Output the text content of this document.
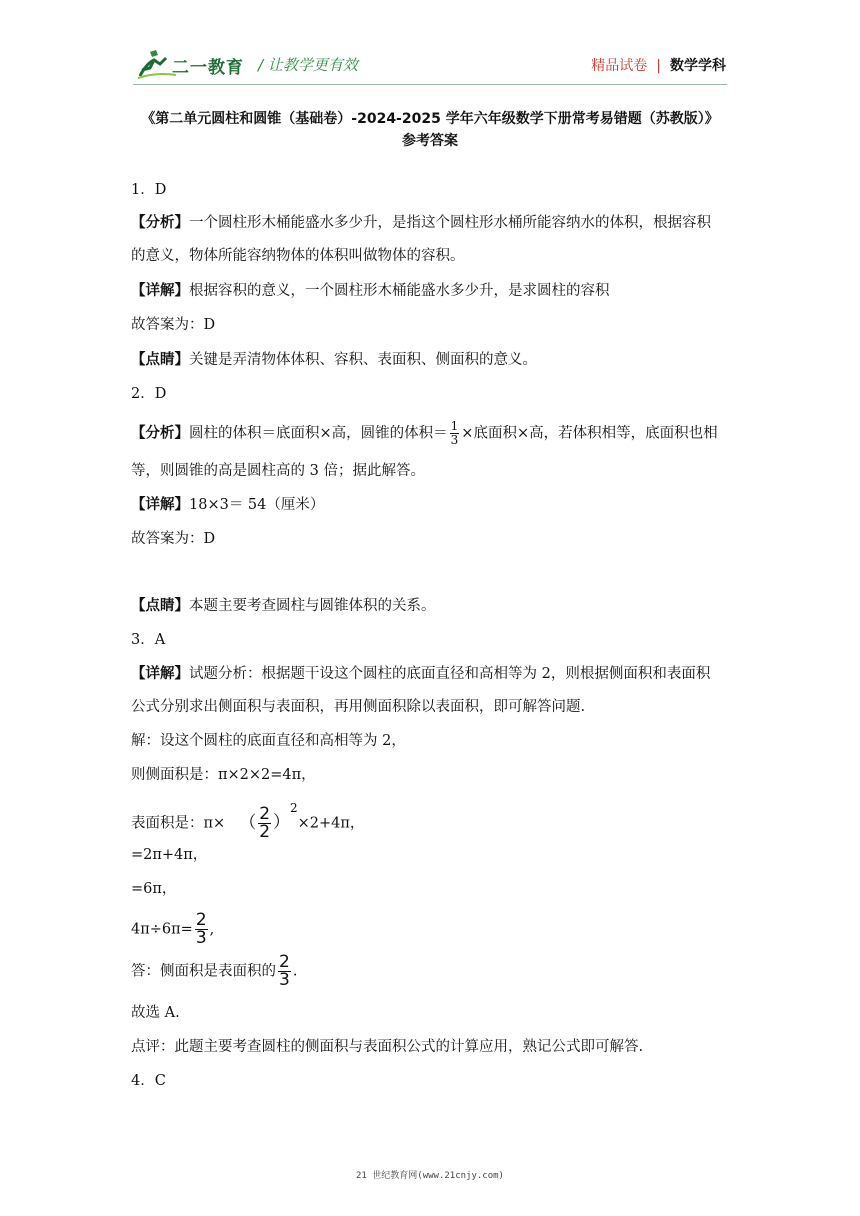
二一教育 / 让教学更有效	精品试卷 | 数学学科
《第二单元圆柱和圆锥（基础卷）-2024-2025 学年六年级数学下册常考易错题（苏教版）》
参考答案
1．D
【分析】一个圆柱形木桶能盛水多少升，是指这个圆柱形水桶所能容纳水的体积，根据容积
的意义，物体所能容纳物体的体积叫做物体的容积。
【详解】根据容积的意义，一个圆柱形木桶能盛水多少升，是求圆柱的容积
故答案为：D
【点睛】关键是弄清物体体积、容积、表面积、侧面积的意义。
2．D
【分析】圆柱的体积＝底面积×高，圆锥的体积＝ $\frac{1}{3}$ ×底面积×高，若体积相等，底面积也相
等，则圆锥的高是圆柱高的 3 倍；据此解答。
【详解】18×3＝ 54（厘米）
故答案为：D
【点睛】本题主要考查圆柱与圆锥体积的关系。
3．A
【详解】试题分析：根据题干设这个圆柱的底面直径和高相等为 2，则根据侧面积和表面积
公式分别求出侧面积与表面积，再用侧面积除以表面积，即可解答问题.
解：设这个圆柱的底面直径和高相等为 2，
则侧面积是：π×2×2=4π，
表面积是：π× （ $\frac{2}{2} )^2\times 2+4\pi$，
=2π+4π，
=6π，
$4\pi\div 6\pi= \frac{2}{3}$ ,
答：侧面积是表面积的 $\frac{2}{3}$ .
故选 A.
点评：此题主要考查圆柱的侧面积与表面积公式的计算应用，熟记公式即可解答.
4．C
21 世纪教育网(www.21cnjy.com)
